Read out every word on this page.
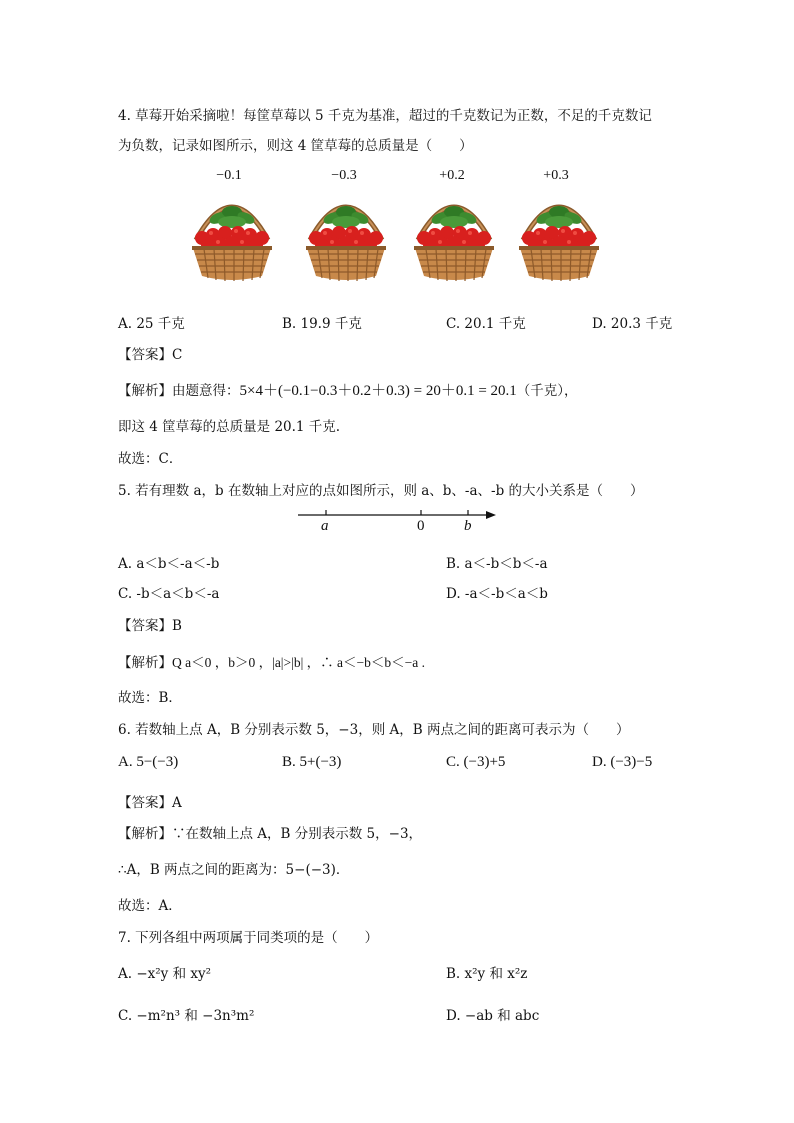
4. 草莓开始采摘啦！每筐草莓以 5 千克为基准，超过的千克数记为正数，不足的千克数记
为负数，记录如图所示，则这 4 筐草莓的总质量是（　　）
−0.1	−0.3	+0.2	+0.3
A. 25 千克	B. 19.9 千克	C. 20.1 千克	D. 20.3 千克
【答案】C
【解析】由题意得：5×4＋(−0.1−0.3＋0.2＋0.3) = 20＋0.1 = 20.1（千克），
即这 4 筐草莓的总质量是 20.1 千克.
故选：C．
5. 若有理数 a，b 在数轴上对应的点如图所示，则 a、b、-a、-b 的大小关系是（　　）
a	0	b
A. a＜b＜-a＜-b	B. a＜-b＜b＜-a
C. -b＜a＜b＜-a	D. -a＜-b＜a＜b
【答案】B
【解析】Q a＜0 ，b＞0 ，|a|>|b| ，∴ a＜−b＜b＜−a .
故选：B．
6. 若数轴上点 A，B 分别表示数 5，−3，则 A，B 两点之间的距离可表示为（　　）
A. 5−(−3)	B. 5+(−3)	C. (−3)+5	D. (−3)−5
【答案】A
【解析】∵在数轴上点 A，B 分别表示数 5，−3，
∴A，B 两点之间的距离为：5−(−3)．
故选：A．
7. 下列各组中两项属于同类项的是（　　）
A. −x²y 和 xy²	B. x²y 和 x²z
C. −m²n³ 和 −3n³m²	D. −ab 和 abc
